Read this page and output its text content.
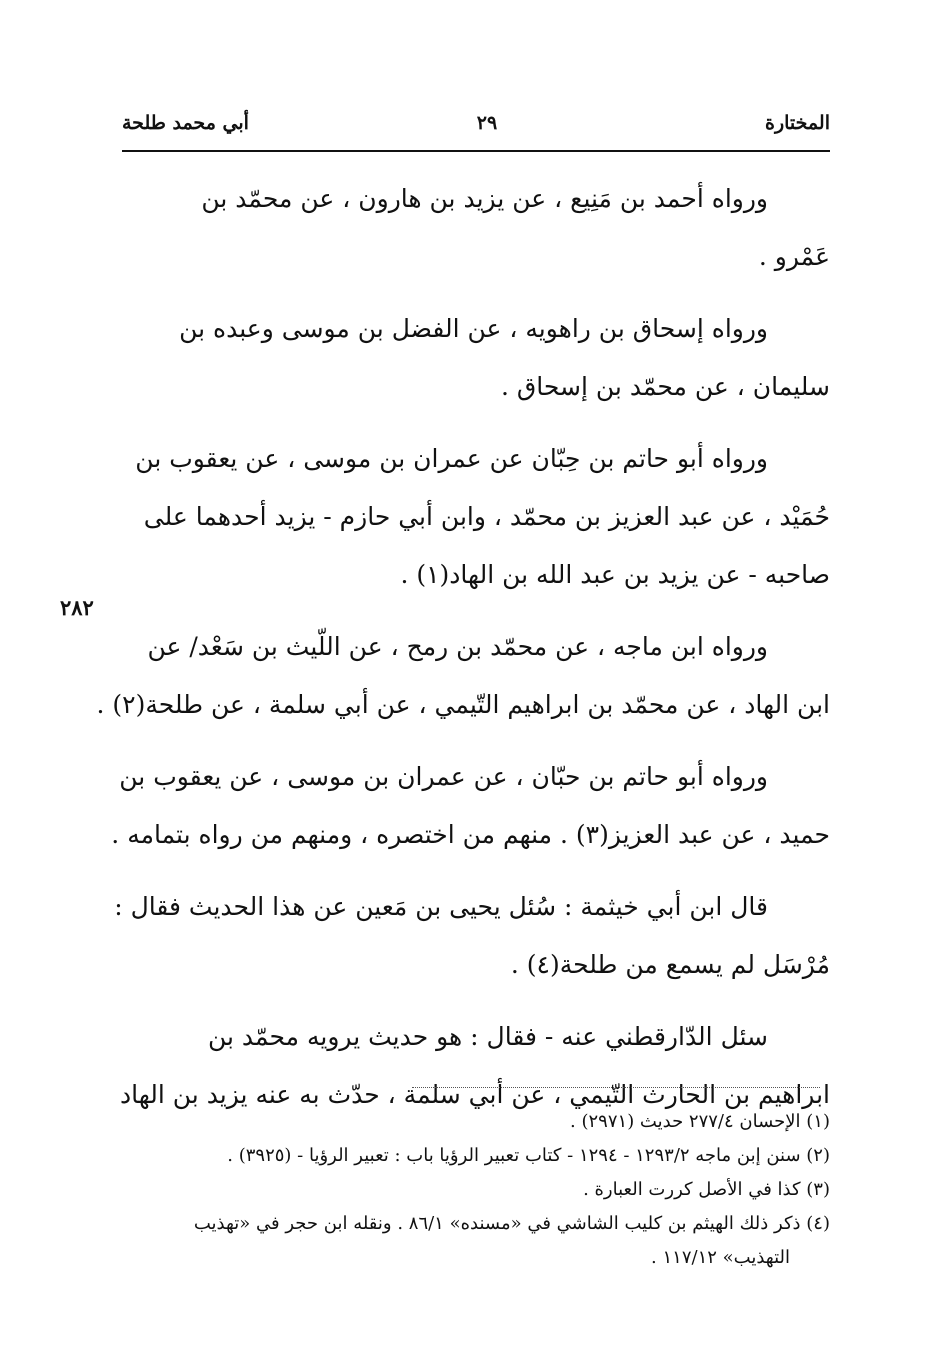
المختارة
٢٩
أبي محمد طلحة
٢٨٢

ورواه أحمد بن مَنِيع ، عن يزيد بن هارون ، عن محمّد بن
عَمْرو .

ورواه إسحاق بن راهويه ، عن الفضل بن موسى وعبده بن
سليمان ، عن محمّد بن إسحاق .

ورواه أبو حاتم بن حِبّان عن عمران بن موسى ، عن يعقوب بن
حُمَيْد ، عن عبد العزيز بن محمّد ، وابن أبي حازم - يزيد أحدهما على
صاحبه - عن يزيد بن عبد الله بن الهاد(١) .

ورواه ابن ماجه ، عن محمّد بن رمح ، عن اللّيث بن سَعْد/ عن
ابن الهاد ، عن محمّد بن ابراهيم التّيمي ، عن أبي سلمة ، عن طلحة(٢) .

ورواه أبو حاتم بن حبّان ، عن عمران بن موسى ، عن يعقوب بن
حميد ، عن عبد العزيز(٣) . منهم من اختصره ، ومنهم من رواه بتمامه .

قال ابن أبي خيثمة : سُئل يحيى بن مَعين عن هذا الحديث فقال :
مُرْسَل لم يسمع من طلحة(٤) .

سئل الدّارقطني عنه - فقال : هو حديث يرويه محمّد بن
ابراهيم بن الحارث التّيمي ، عن أبي سلمة ، حدّث به عنه يزيد بن الهاد

(١) الإحسان ٢٧٧/٤ حديث (٢٩٧١) .
(٢) سنن إبن ماجه ١٢٩٣/٢ - ١٢٩٤ - كتاب تعبير الرؤيا باب : تعبير الرؤيا - (٣٩٢٥) .
(٣) كذا في الأصل كررت العبارة .
(٤) ذكر ذلك الهيثم بن كليب الشاشي في «مسنده» ٨٦/١ . ونقله ابن حجر في «تهذيب
التهذيب» ١١٧/١٢ .
